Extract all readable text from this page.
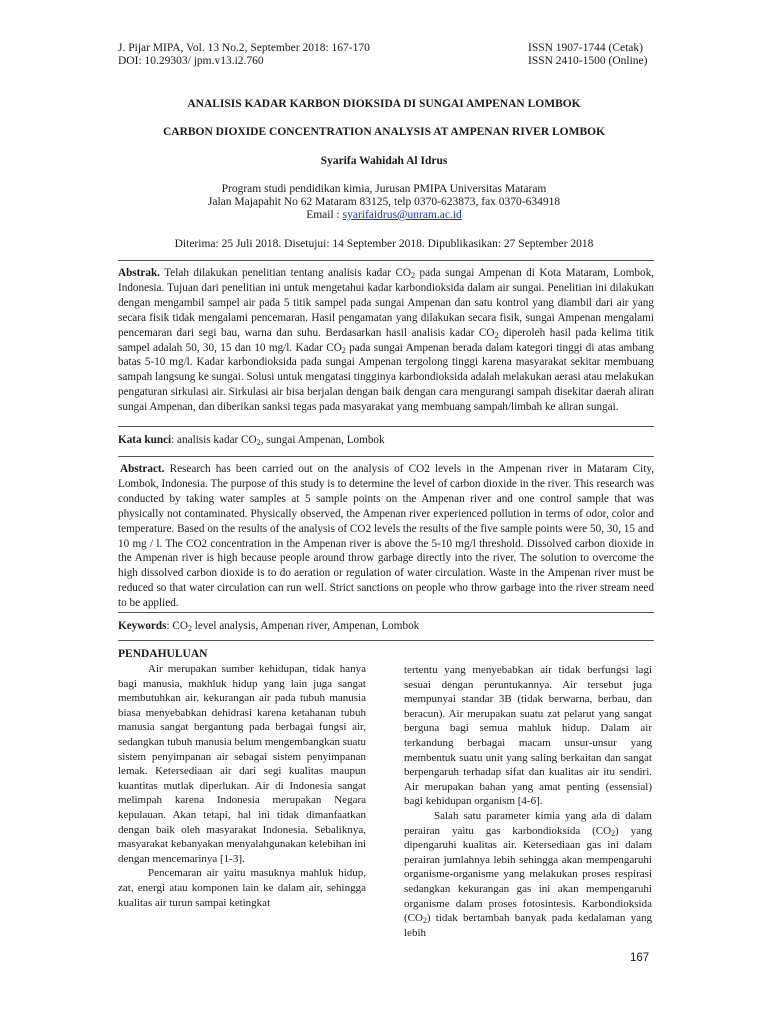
J. Pijar MIPA, Vol. 13 No.2, September 2018: 167-170
DOI: 10.29303/ jpm.v13.i2.760
ISSN 1907-1744 (Cetak)
ISSN 2410-1500 (Online)
ANALISIS KADAR KARBON DIOKSIDA DI SUNGAI AMPENAN LOMBOK
CARBON DIOXIDE CONCENTRATION ANALYSIS AT AMPENAN RIVER LOMBOK
Syarifa Wahidah Al Idrus
Program studi pendidikan kimia, Jurusan PMIPA Universitas Mataram
Jalan Majapahit No 62 Mataram 83125, telp 0370-623873, fax 0370-634918
Email : syarifaidrus@unram.ac.id
Diterima: 25 Juli 2018. Disetujui: 14 September 2018. Dipublikasikan: 27 September 2018
Abstrak. Telah dilakukan penelitian tentang analisis kadar $CO_2$ pada sungai Ampenan di Kota Mataram, Lombok, Indonesia. Tujuan dari penelitian ini untuk mengetahui kadar karbondioksida dalam air sungai. Penelitian ini dilakukan dengan mengambil sampel air pada 5 titik sampel pada sungai Ampenan dan satu kontrol yang diambil dari air yang secara fisik tidak mengalami pencemaran. Hasil pengamatan yang dilakukan secara fisik, sungai Ampenan mengalami pencemaran dari segi bau, warna dan suhu. Berdasarkan hasil analisis kadar $CO_2$ diperoleh hasil pada kelima titik sampel adalah 50, 30, 15 dan 10 mg/l. Kadar $CO_2$ pada sungai Ampenan berada dalam kategori tinggi di atas ambang batas 5-10 mg/l. Kadar karbondioksida pada sungai Ampenan tergolong tinggi karena masyarakat sekitar membuang sampah langsung ke sungai. Solusi untuk mengatasi tingginya karbondioksida adalah melakukan aerasi atau melakukan pengaturan sirkulasi air. Sirkulasi air bisa berjalan dengan baik dengan cara mengurangi sampah disekitar daerah aliran sungai Ampenan, dan diberikan sanksi tegas pada masyarakat yang membuang sampah/limbah ke aliran sungai.
Kata kunci: analisis kadar $CO_2$, sungai Ampenan, Lombok
Abstract. Research has been carried out on the analysis of CO2 levels in the Ampenan river in Mataram City, Lombok, Indonesia. The purpose of this study is to determine the level of carbon dioxide in the river. This research was conducted by taking water samples at 5 sample points on the Ampenan river and one control sample that was physically not contaminated. Physically observed, the Ampenan river experienced pollution in terms of odor, color and temperature. Based on the results of the analysis of CO2 levels the results of the five sample points were 50, 30, 15 and 10 mg / l. The CO2 concentration in the Ampenan river is above the 5-10 mg/l threshold. Dissolved carbon dioxide in the Ampenan river is high because people around throw garbage directly into the river. The solution to overcome the high dissolved carbon dioxide is to do aeration or regulation of water circulation. Waste in the Ampenan river must be reduced so that water circulation can run well. Strict sanctions on people who throw garbage into the river stream need to be applied.
Keywords: $CO_2$ level analysis, Ampenan river, Ampenan, Lombok
PENDAHULUAN

Air merupakan sumber kehidupan, tidak hanya bagi manusia, makhluk hidup yang lain juga sangat membutuhkan air. kekurangan air pada tubuh manusia biasa menyebabkan dehidrasi karena ketahanan tubuh manusia sangat bergantung pada berbagai fungsi air, sedangkan tubuh manusia belum mengembangkan suatu sistem penyimpanan air sebagai sistem penyimpanan lemak. Ketersediaan air dari segi kualitas maupun kuantitas mutlak diperlukan. Air di Indonesia sangat melimpah karena Indonesia merupakan Negara kepulauan. Akan tetapi, hal ini tidak dimanfaatkan dengan baik oleh masyarakat Indonesia. Sebaliknya, masyarakat kebanyakan menyalahgunakan kelebihan ini dengan mencemarinya [1-3].

Pencemaran air yaitu masuknya mahluk hidup, zat, energi atau komponen lain ke dalam air, sehingga kualitas air turun sampai ketingkat

tertentu yang menyebabkan air tidak berfungsi lagi sesuai dengan peruntukannya. Air tersebut juga mempunyai standar 3B (tidak berwarna, berbau, dan beracun). Air merupakan suatu zat pelarut yang sangat berguna bagi semua mahluk hidup. Dalam air terkandung berbagai macam unsur-unsur yang membentuk suatu unit yang saling berkaitan dan sangat berpengaruh terhadap sifat dan kualitas air itu sendiri. Air merupakan bahan yang amat penting (essensial) bagi kehidupan organism [4-6].

Salah satu parameter kimia yang ada di dalam perairan yaitu gas karbondioksida $(CO_2)$ yang dipengaruhi kualitas air. Ketersediaan gas ini dalam perairan jumlahnya lebih sehingga akan mempengaruhi organisme-organisme yang melakukan proses respirasi sedangkan kekurangan gas ini akan mempengaruhi organisme dalam proses fotosintesis. Karbondioksida $(CO_2)$ tidak bertambah banyak pada kedalaman yang lebih

167
